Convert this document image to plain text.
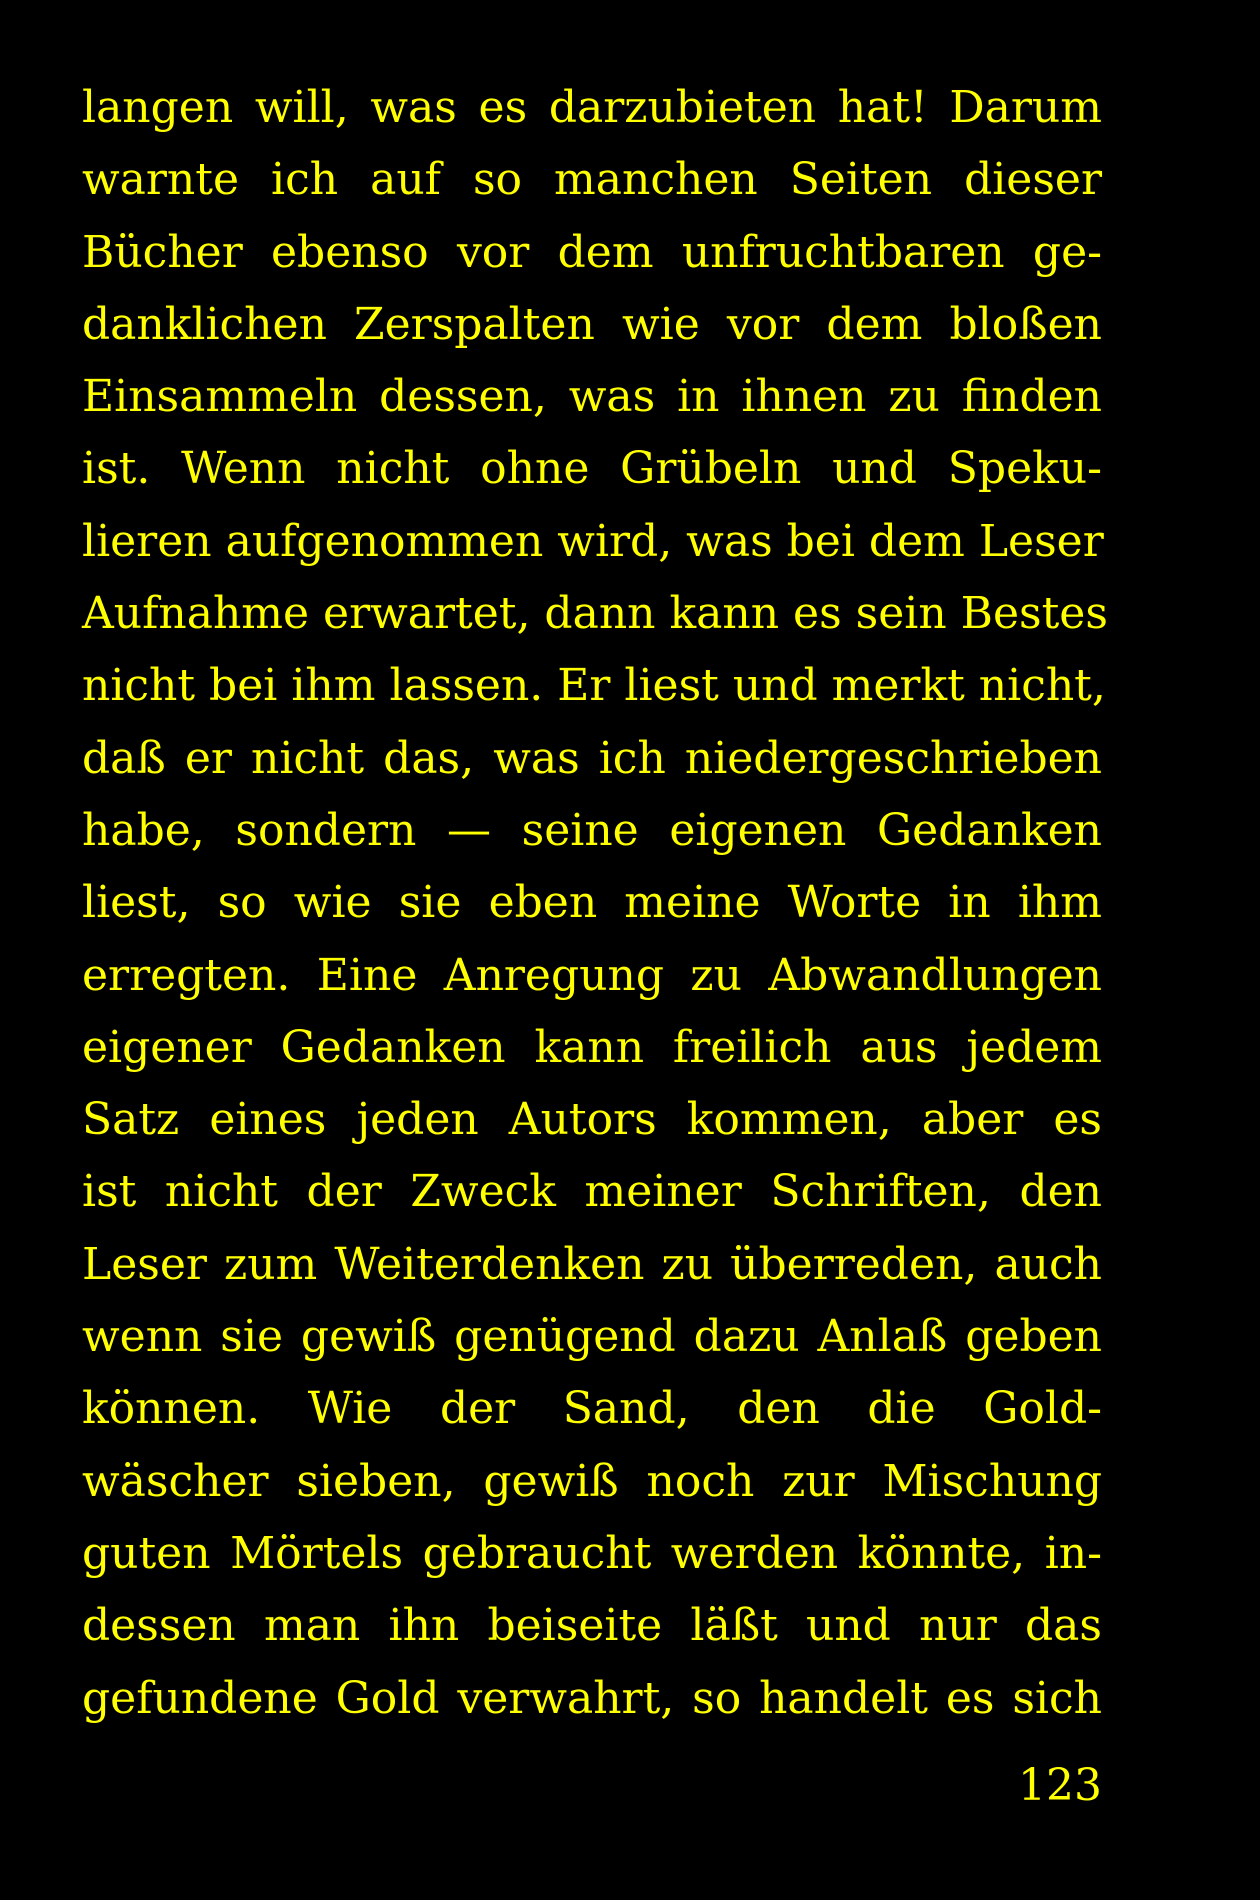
langen will, was es darzubieten hat! Darum
warnte ich auf so manchen Seiten dieser
Bücher ebenso vor dem unfruchtbaren ge-
danklichen Zerspalten wie vor dem bloßen
Einsammeln dessen, was in ihnen zu finden
ist. Wenn nicht ohne Grübeln und Speku-
lieren aufgenommen wird, was bei dem Leser
Aufnahme erwartet, dann kann es sein Bestes
nicht bei ihm lassen. Er liest und merkt nicht,
daß er nicht das, was ich niedergeschrieben
habe, sondern — seine eigenen Gedanken
liest, so wie sie eben meine Worte in ihm
erregten. Eine Anregung zu Abwandlungen
eigener Gedanken kann freilich aus jedem
Satz eines jeden Autors kommen, aber es
ist nicht der Zweck meiner Schriften, den
Leser zum Weiterdenken zu überreden, auch
wenn sie gewiß genügend dazu Anlaß geben
können. Wie der Sand, den die Gold-
wäscher sieben, gewiß noch zur Mischung
guten Mörtels gebraucht werden könnte, in-
dessen man ihn beiseite läßt und nur das
gefundene Gold verwahrt, so handelt es sich
123
